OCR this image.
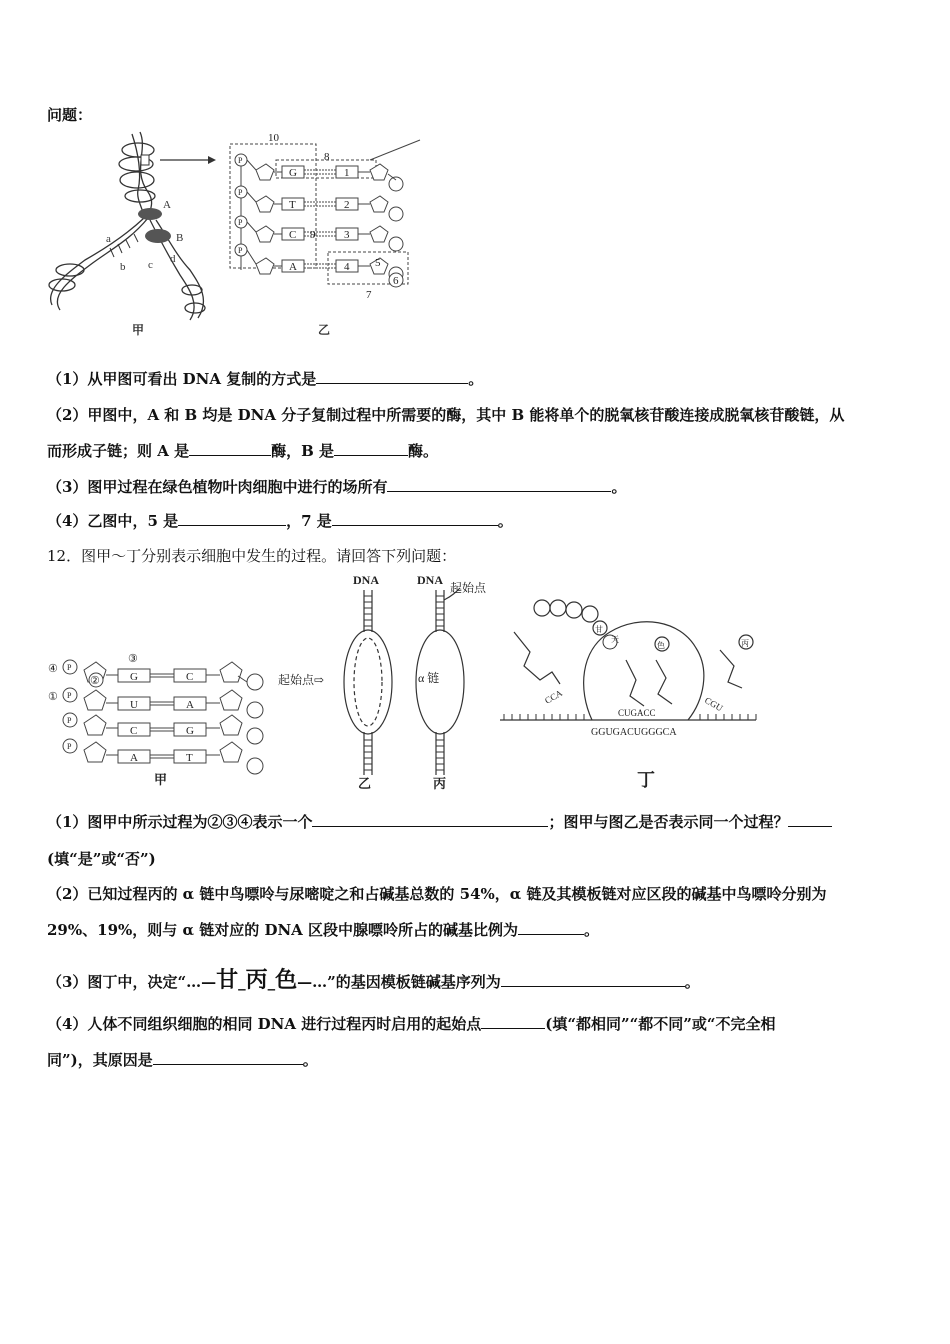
问题：
A
B
a
b c d
甲	乙
P
P
P
P
G
T
C
A
10
8
1
2
9	3
4 5
6
7
（1）从甲图可看出 DNA 复制的方式是	。
（2）甲图中，A 和 B 均是 DNA 分子复制过程中所需要的酶，其中 B 能将单个的脱氧核苷酸连接成脱氧核苷酸链，从
而形成子链；则 A 是	酶，B 是	酶。
（3）图甲过程在绿色植物叶肉细胞中进行的场所有	。
（4）乙图中，5 是	，7 是	。
12．图甲～丁分别表示细胞中发生的过程。请回答下列问题：
P
P
P
P
④
①
②
③
G
U
C
A
C
A
G
T
甲
DNA
起始点⇨
乙
DNA
起始点
α 链
丙
CCA
CUGACC	CGU
GGUGACUGGGCA
甘
天
色	丙
丁
（1）图甲中所示过程为②③④表示一个	；图甲与图乙是否表示同一个过程？
(填“是”或“否”)
（2）已知过程丙的 α 链中鸟嘌呤与尿嘧啶之和占碱基总数的 54%，α 链及其模板链对应区段的碱基中鸟嘌呤分别为
29%、19%，则与 α 链对应的 DNA 区段中腺嘌呤所占的碱基比例为	。
（3）图丁中，决定“…—甘_丙_色—…”的基因模板链碱基序列为	。
（4）人体不同组织细胞的相同 DNA 进行过程丙时启用的起始点	(填“都相同”“都不同”或“不完全相
同”)，其原因是	。
